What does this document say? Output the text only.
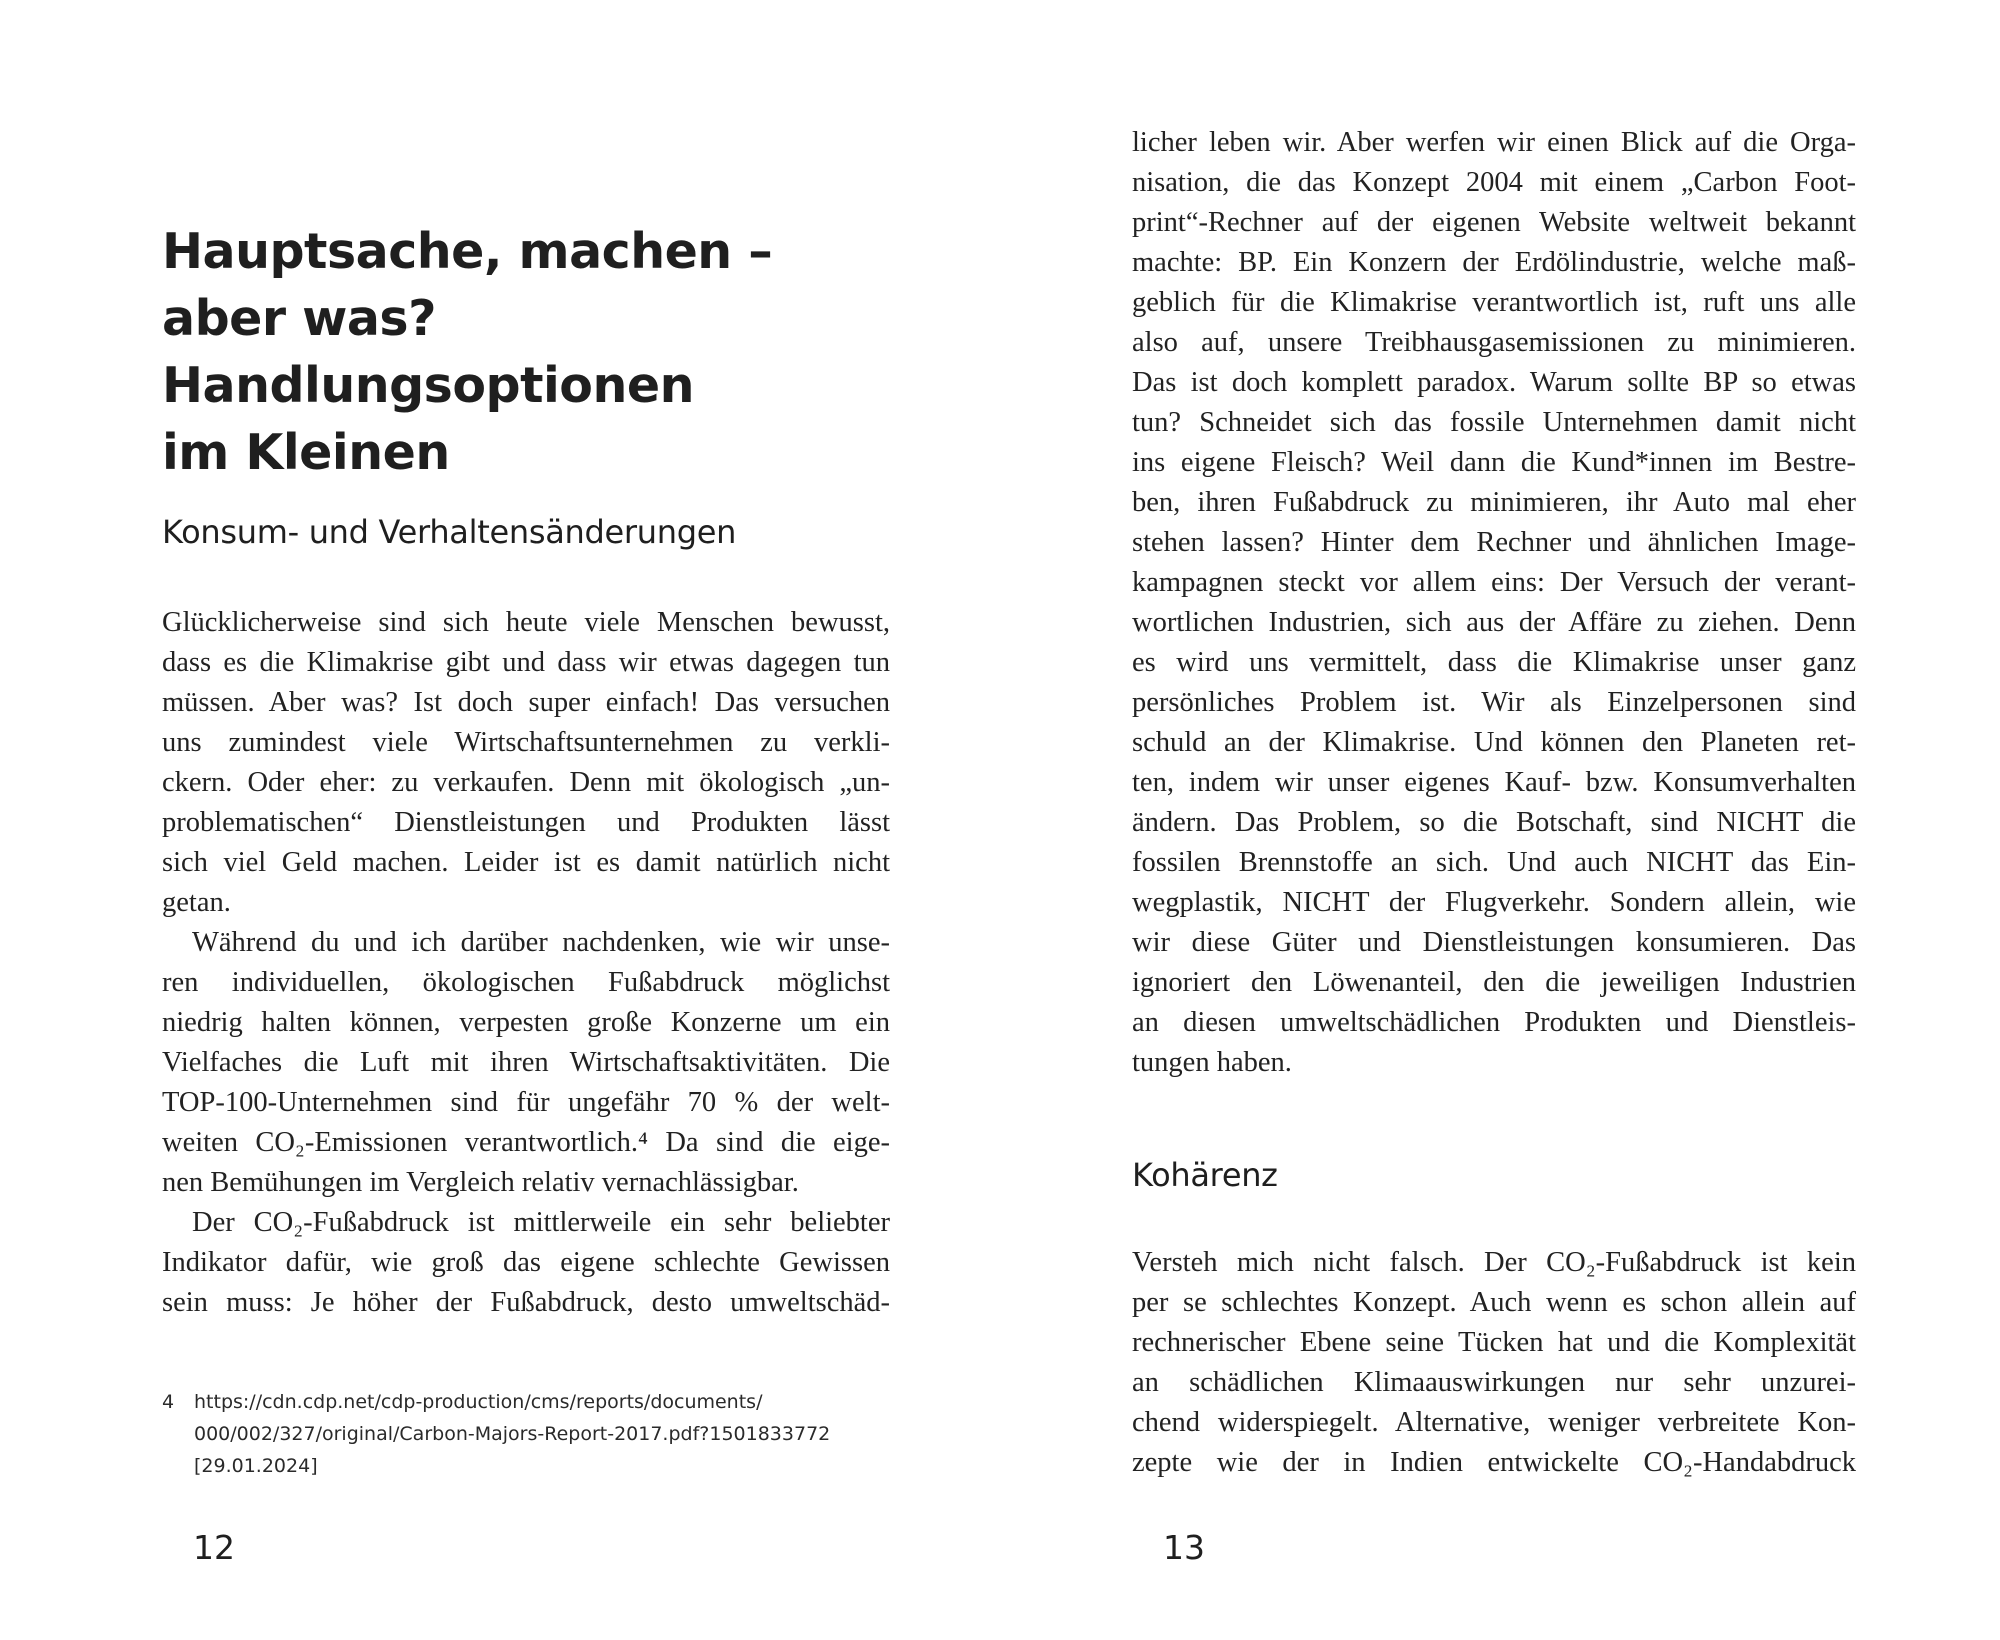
Hauptsache, machen –
aber was?
Handlungsoptionen
im Kleinen
Konsum- und Verhaltensänderungen
Glücklicherweise sind sich heute viele Menschen bewusst,
dass es die Klimakrise gibt und dass wir etwas dagegen tun
müssen. Aber was? Ist doch super einfach! Das versuchen
uns zumindest viele Wirtschaftsunternehmen zu verkli-
ckern. Oder eher: zu verkaufen. Denn mit ökologisch „un-
problematischen“ Dienstleistungen und Produkten lässt
sich viel Geld machen. Leider ist es damit natürlich nicht
getan.
Während du und ich darüber nachdenken, wie wir unse-
ren individuellen, ökologischen Fußabdruck möglichst
niedrig halten können, verpesten große Konzerne um ein
Vielfaches die Luft mit ihren Wirtschaftsaktivitäten. Die
TOP-100-Unternehmen sind für ungefähr 70 % der welt-
weiten CO₂-Emissionen verantwortlich.⁴ Da sind die eige-
nen Bemühungen im Vergleich relativ vernachlässigbar.
Der CO₂-Fußabdruck ist mittlerweile ein sehr beliebter
Indikator dafür, wie groß das eigene schlechte Gewissen
sein muss: Je höher der Fußabdruck, desto umweltschäd-
4 https://cdn.cdp.net/cdp-production/cms/reports/documents/
000/002/327/original/Carbon-Majors-Report-2017.pdf?1501833772
[29.01.2024]
12
licher leben wir. Aber werfen wir einen Blick auf die Orga-
nisation, die das Konzept 2004 mit einem „Carbon Foot-
print“-Rechner auf der eigenen Website weltweit bekannt
machte: BP. Ein Konzern der Erdölindustrie, welche maß-
geblich für die Klimakrise verantwortlich ist, ruft uns alle
also auf, unsere Treibhausgasemissionen zu minimieren.
Das ist doch komplett paradox. Warum sollte BP so etwas
tun? Schneidet sich das fossile Unternehmen damit nicht
ins eigene Fleisch? Weil dann die Kund*innen im Bestre-
ben, ihren Fußabdruck zu minimieren, ihr Auto mal eher
stehen lassen? Hinter dem Rechner und ähnlichen Image-
kampagnen steckt vor allem eins: Der Versuch der verant-
wortlichen Industrien, sich aus der Affäre zu ziehen. Denn
es wird uns vermittelt, dass die Klimakrise unser ganz
persönliches Problem ist. Wir als Einzelpersonen sind
schuld an der Klimakrise. Und können den Planeten ret-
ten, indem wir unser eigenes Kauf- bzw. Konsumverhalten
ändern. Das Problem, so die Botschaft, sind NICHT die
fossilen Brennstoffe an sich. Und auch NICHT das Ein-
wegplastik, NICHT der Flugverkehr. Sondern allein, wie
wir diese Güter und Dienstleistungen konsumieren. Das
ignoriert den Löwenanteil, den die jeweiligen Industrien
an diesen umweltschädlichen Produkten und Dienstleis-
tungen haben.
Kohärenz
Versteh mich nicht falsch. Der CO₂-Fußabdruck ist kein
per se schlechtes Konzept. Auch wenn es schon allein auf
rechnerischer Ebene seine Tücken hat und die Komplexität
an schädlichen Klimaauswirkungen nur sehr unzurei-
chend widerspiegelt. Alternative, weniger verbreitete Kon-
zepte wie der in Indien entwickelte CO₂-Handabdruck
13
